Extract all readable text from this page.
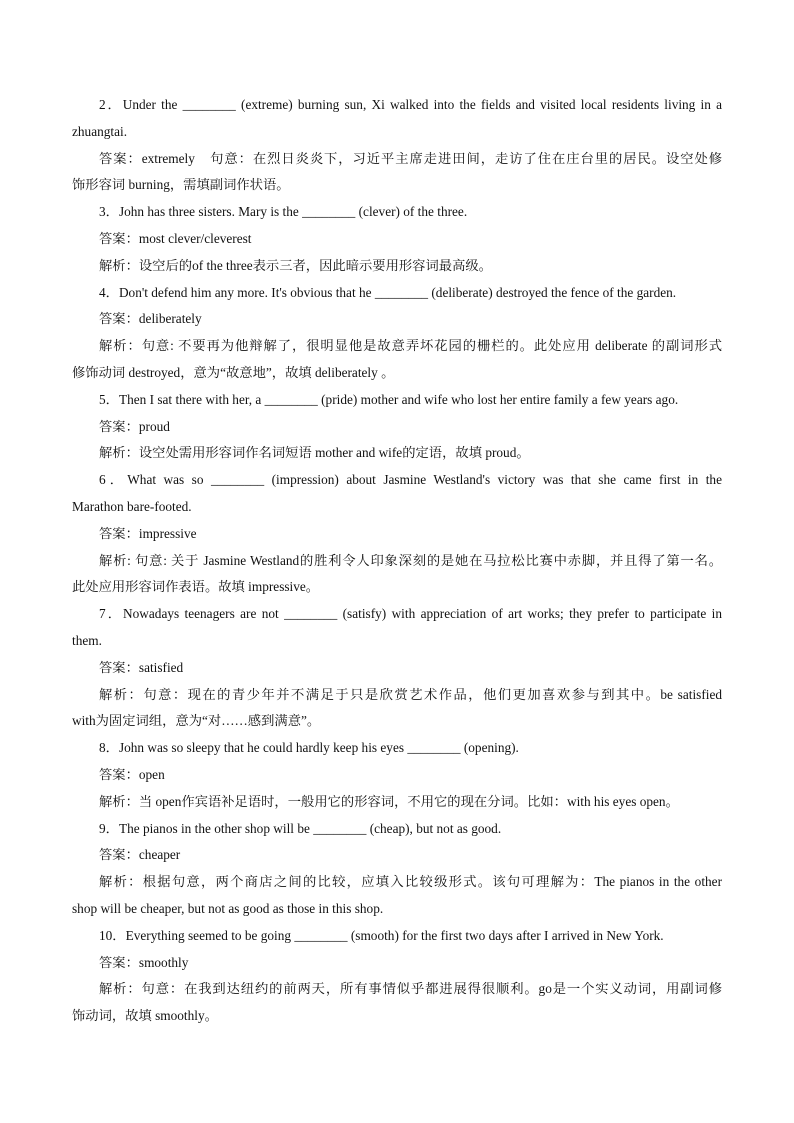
2．Under the ________ (extreme) burning sun, Xi walked into the fields and visited local residents living in a
zhuangtai.
答案：extremely　句意：在烈日炎炎下，习近平主席走进田间，走访了住在庄台里的居民。设空处修
饰形容词 burning，需填副词作状语。
3．John has three sisters. Mary is the ________ (clever) of the three.
答案：most clever/cleverest
解析：设空后的of the three表示三者，因此暗示要用形容词最高级。
4．Don't defend him any more. It's obvious that he ________ (deliberate) destroyed the fence of the garden.
答案：deliberately
解析：句意: 不要再为他辩解了，很明显他是故意弄坏花园的栅栏的。此处应用 deliberate 的副词形式
修饰动词 destroyed，意为“故意地”，故填 deliberately 。
5．Then I sat there with her, a ________ (pride) mother and wife who lost her entire family a few years ago.
答案：proud
解析：设空处需用形容词作名词短语 mother and wife的定语，故填 proud。
6．What was so ________ (impression) about Jasmine Westland's victory was that she came first in the
Marathon bare-footed.
答案：impressive
解析: 句意: 关于 Jasmine Westland的胜利令人印象深刻的是她在马拉松比赛中赤脚，并且得了第一名。
此处应用形容词作表语。故填 impressive。
7．Nowadays teenagers are not ________ (satisfy) with appreciation of art works; they prefer to participate in
them.
答案：satisfied
解析：句意：现在的青少年并不满足于只是欣赏艺术作品，他们更加喜欢参与到其中。be satisfied
with为固定词组，意为“对……感到满意”。
8．John was so sleepy that he could hardly keep his eyes ________ (opening).
答案：open
解析：当 open作宾语补足语时，一般用它的形容词，不用它的现在分词。比如：with his eyes open。
9．The pianos in the other shop will be ________ (cheap), but not as good.
答案：cheaper
解析：根据句意，两个商店之间的比较，应填入比较级形式。该句可理解为：The pianos in the other
shop will be cheaper, but not as good as those in this shop.
10．Everything seemed to be going ________ (smooth) for the first two days after I arrived in New York.
答案：smoothly
解析：句意：在我到达纽约的前两天，所有事情似乎都进展得很顺利。go是一个实义动词，用副词修
饰动词，故填 smoothly。
